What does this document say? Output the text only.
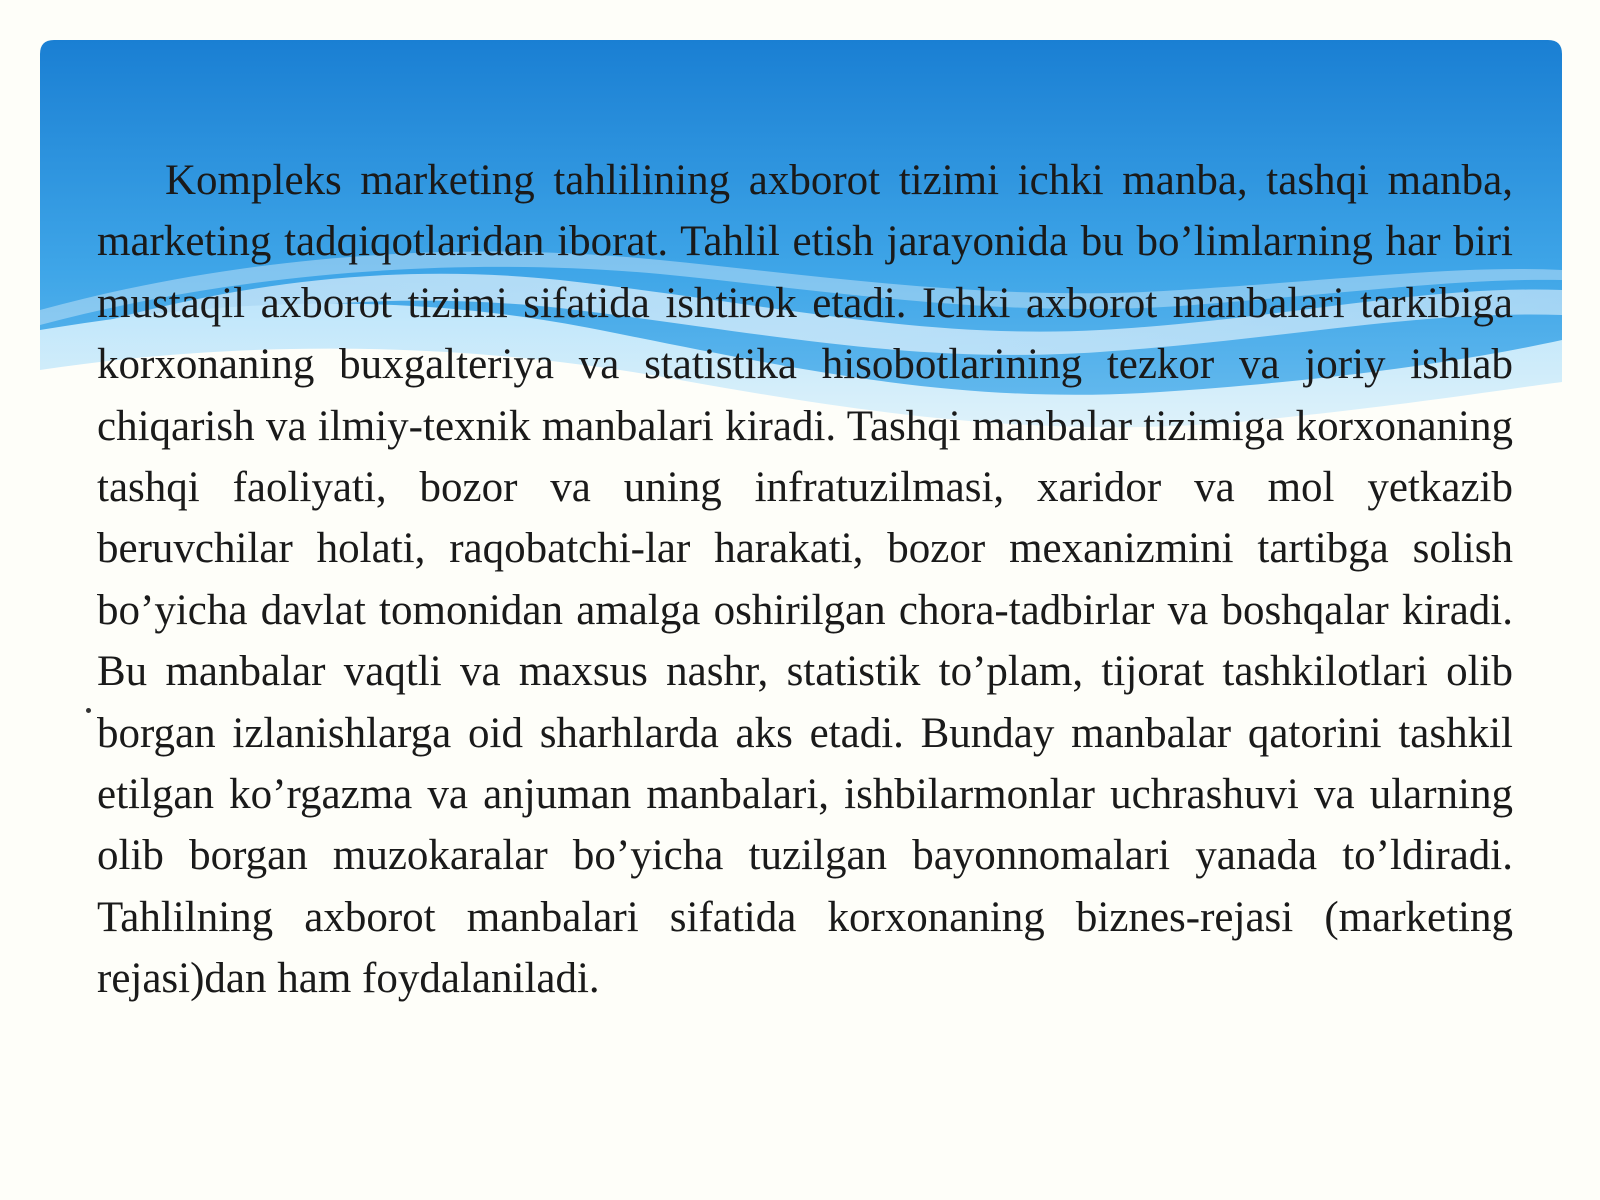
Kompleks marketing tahlilining axborot tizimi ichki manba, tashqi manba, marketing tadqiqotlaridan iborat. Tahlil etish jarayonida bu bo’limlarning har biri mustaqil axborot tizimi sifatida ishtirok etadi. Ichki axborot manbalari tarkibiga korxonaning buxgalteriya va statistika hisobotlarining tezkor va joriy ishlab chiqarish va ilmiy-texnik manbalari kiradi. Tashqi manbalar tizimiga korxonaning tashqi faoliyati, bozor va uning infratuzilmasi, xaridor va mol yetkazib beruvchilar holati, raqobatchi-lar harakati, bozor mexanizmini tartibga solish bo’yicha davlat tomonidan amalga oshirilgan chora-tadbirlar va boshqalar kiradi. Bu manbalar vaqtli va maxsus nashr, statistik to’plam, tijorat tashkilotlari olib borgan izlanishlarga oid sharhlarda aks etadi. Bunday manbalar qatorini tashkil etilgan ko’rgazma va anjuman manbalari, ishbilarmonlar uchrashuvi va ularning olib borgan muzokaralar bo’yicha tuzilgan bayonnomalari yanada to’ldiradi. Tahlilning axborot manbalari sifatida korxonaning biznes-rejasi (marketing rejasi)dan ham foydalaniladi.
